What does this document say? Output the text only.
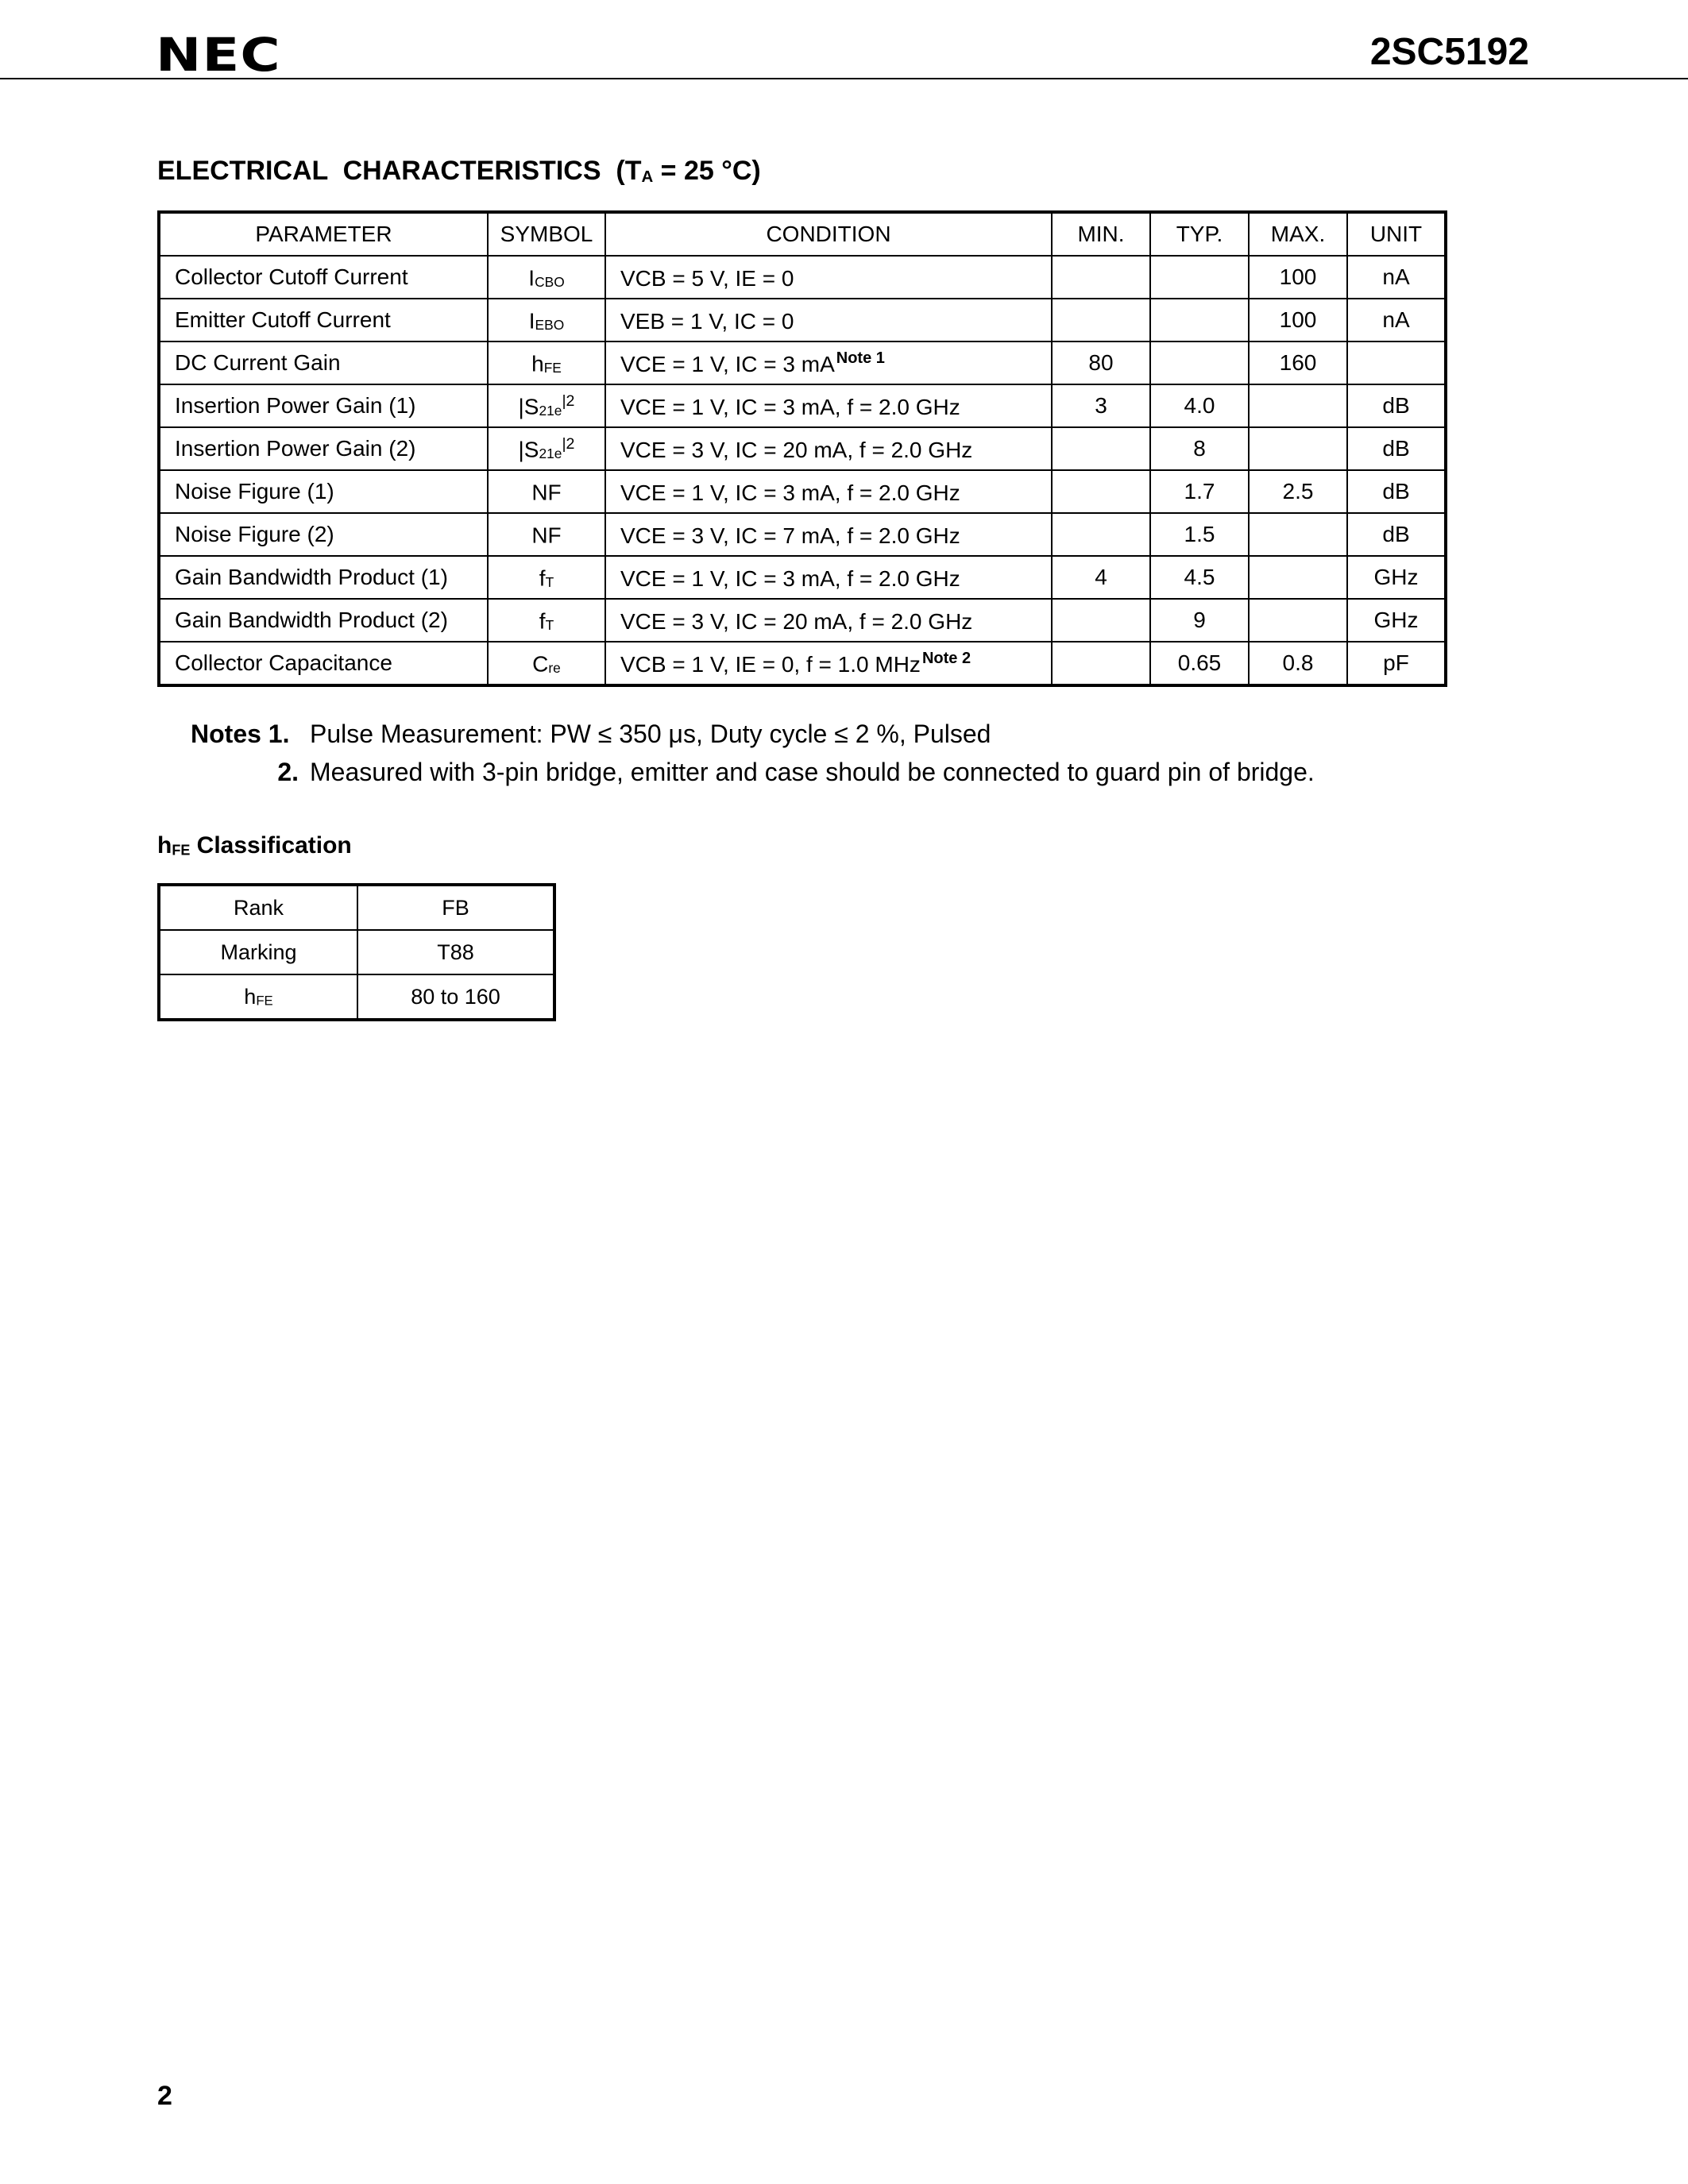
NEC	2SC5192
ELECTRICAL  CHARACTERISTICS  ($T_A = 25$ °C)
PARAMETER	SYMBOL	CONDITION	MIN.	TYP.	MAX.	UNIT
Collector Cutoff Current	ICBO	VCB = 5 V, IE = 0			100	nA
Emitter Cutoff Current	IEBO	VEB = 1 V, IC = 0			100	nA
DC Current Gain	hFE	VCE = 1 V, IC = 3 mA $^{Note 1}$	80		160	
Insertion Power Gain (1)	$|S21e^{|2}$	VCE = 1 V, IC = 3 mA, f = 2.0 GHz	3	4.0		dB
Insertion Power Gain (2)	$|S21e^{|2}$	VCE = 3 V, IC = 20 mA, f = 2.0 GHz		8		dB
Noise Figure (1)	NF	VCE = 1 V, IC = 3 mA, f = 2.0 GHz		1.7	2.5	dB
Noise Figure (2)	NF	VCE = 3 V, IC = 7 mA, f = 2.0 GHz		1.5		dB
Gain Bandwidth Product (1)	fT	VCE = 1 V, IC = 3 mA, f = 2.0 GHz	4	4.5		GHz
Gain Bandwidth Product (2)	fT	VCE = 3 V, IC = 20 mA, f = 2.0 GHz		9		GHz
Collector Capacitance	Cre	VCB = 1 V, IE = 0, f = 1.0 MHz $^{Note 2}$		0.65	0.8	pF
Notes 1. Pulse Measurement: PW ≤ 350 μs, Duty cycle ≤ 2 %, Pulsed
2. Measured with 3-pin bridge, emitter and case should be connected to guard pin of bridge.
hFE Classification
Rank	FB
Marking	T88
hFE	80 to 160
2
